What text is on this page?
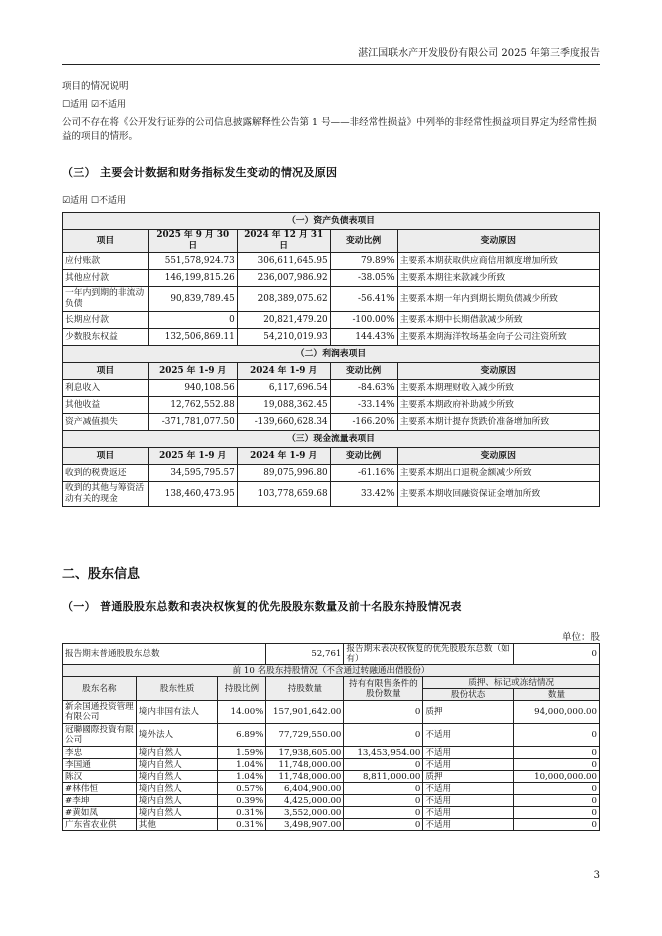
湛江国联水产开发股份有限公司 2025 年第三季度报告
项目的情况说明
☐适用 ☑不适用
公司不存在将《公开发行证券的公司信息披露解释性公告第 1 号——非经常性损益》中列举的非经常性损益项目界定为经常性损益的项目的情形。
（三） 主要会计数据和财务指标发生变动的情况及原因
☑适用 ☐不适用
（一）资产负债表项目				
项目	2025 年 9 月 30 日	2024 年 12 月 31 日	变动比例	变动原因
应付账款	551,578,924.73	306,611,645.95	79.89%	主要系本期获取供应商信用额度增加所致
其他应付款	146,199,815.26	236,007,986.92	-38.05%	主要系本期往来款减少所致
一年内到期的非流动负债	90,839,789.45	208,389,075.62	-56.41%	主要系本期一年内到期长期负债减少所致
长期应付款	0	20,821,479.20	-100.00%	主要系本期中长期借款减少所致
少数股东权益	132,506,869.11	54,210,019.93	144.43%	主要系本期海洋牧场基金向子公司注资所致
（二）利润表项目				
项目	2025 年 1-9 月	2024 年 1-9 月	变动比例	变动原因
利息收入	940,108.56	6,117,696.54	-84.63%	主要系本期理财收入减少所致
其他收益	12,762,552.88	19,088,362.45	-33.14%	主要系本期政府补助减少所致
资产减值损失	-371,781,077.50	-139,660,628.34	-166.20%	主要系本期计提存货跌价准备增加所致
（三）现金流量表项目				
项目	2025 年 1-9 月	2024 年 1-9 月	变动比例	变动原因
收到的税费返还	34,595,795.57	89,075,996.80	-61.16%	主要系本期出口退税金额减少所致
收到的其他与筹资活动有关的现金	138,460,473.95	103,778,659.68	33.42%	主要系本期收回融资保证金增加所致
二、股东信息
（一） 普通股股东总数和表决权恢复的优先股股东数量及前十名股东持股情况表
单位：股
报告期末普通股股东总数			52,761	报告期末表决权恢复的优先股股东总数（如有）		0
前 10 名股东持股情况（不含通过转融通出借股份）						
股东名称	股东性质	持股比例	持股数量	持有有限售条件的股份数量	质押、标记或冻结情况	
					股份状态	数量
新余国通投资管理有限公司	境内非国有法人	14.00%	157,901,642.00	0	质押	94,000,000.00
冠聯國際投資有限公司	境外法人	6.89%	77,729,550.00	0	不适用	0
李忠	境内自然人	1.59%	17,938,605.00	13,453,954.00	不适用	0
李国通	境内自然人	1.04%	11,748,000.00	0	不适用	0
陈汉	境内自然人	1.04%	11,748,000.00	8,811,000.00	质押	10,000,000.00
#林伟恒	境内自然人	0.57%	6,404,900.00	0	不适用	0
#李坤	境内自然人	0.39%	4,425,000.00	0	不适用	0
#黄如凤	境内自然人	0.31%	3,552,000.00	0	不适用	0
广东省农业供	其他	0.31%	3,498,907.00	0	不适用	0
3
